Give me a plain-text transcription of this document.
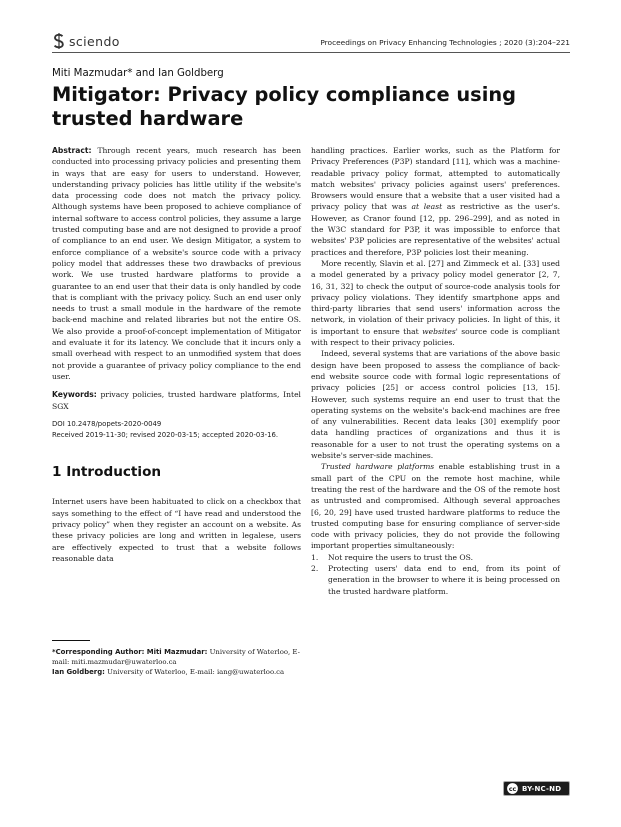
sciendo	Proceedings on Privacy Enhancing Technologies ; 2020 (3):204–221
Miti Mazmudar* and Ian Goldberg
Mitigator: Privacy policy compliance using trusted hardware

Abstract: Through recent years, much research has been conducted into processing privacy policies and presenting them in ways that are easy for users to understand. However, understanding privacy policies has little utility if the website's data processing code does not match the privacy policy. Although systems have been proposed to achieve compliance of internal software to access control policies, they assume a large trusted computing base and are not designed to provide a proof of compliance to an end user. We design Mitigator, a system to enforce compliance of a website's source code with a privacy policy model that addresses these two drawbacks of previous work. We use trusted hardware platforms to provide a guarantee to an end user that their data is only handled by code that is compliant with the privacy policy. Such an end user only needs to trust a small module in the hardware of the remote back-end machine and related libraries but not the entire OS. We also provide a proof-of-concept implementation of Mitigator and evaluate it for its latency. We conclude that it incurs only a small overhead with respect to an unmodified system that does not provide a guarantee of privacy policy compliance to the end user.

Keywords: privacy policies, trusted hardware platforms, Intel SGX

DOI 10.2478/popets-2020-0049
Received 2019-11-30; revised 2020-03-15; accepted 2020-03-16.
1 Introduction

Internet users have been habituated to click on a checkbox that says something to the effect of “I have read and understood the privacy policy” when they register an account on a website. As these privacy policies are long and written in legalese, users are effectively expected to trust that a website follows reasonable data

*Corresponding Author: Miti Mazmudar: University of Waterloo, E-mail: miti.mazmudar@uwaterloo.ca

Ian Goldberg: University of Waterloo, E-mail: iang@uwaterloo.ca

handling practices. Earlier works, such as the Platform for Privacy Preferences (P3P) standard [11], which was a machine-readable privacy policy format, attempted to automatically match websites' privacy policies against users' preferences. Browsers would ensure that a website that a user visited had a privacy policy that was at least as restrictive as the user's. However, as Cranor found [12, pp. 296–299], and as noted in the W3C standard for P3P, it was impossible to enforce that websites' P3P policies are representative of the websites' actual practices and therefore, P3P policies lost their meaning.

More recently, Slavin et al. [27] and Zimmeck et al. [33] used a model generated by a privacy policy model generator [2, 7, 16, 31, 32] to check the output of source-code analysis tools for privacy policy violations. They identify smartphone apps and third-party libraries that send users' information across the network, in violation of their privacy policies. In light of this, it is important to ensure that websites' source code is compliant with respect to their privacy policies.

Indeed, several systems that are variations of the above basic design have been proposed to assess the compliance of back-end website source code with formal logic representations of privacy policies [25] or access control policies [13, 15]. However, such systems require an end user to trust that the operating systems on the website's back-end machines are free of any vulnerabilities. Recent data leaks [30] exemplify poor data handling practices of organizations and thus it is reasonable for a user to not trust the operating systems on a website's server-side machines.

Trusted hardware platforms enable establishing trust in a small part of the CPU on the remote host machine, while treating the rest of the hardware and the OS of the remote host as untrusted and compromised. Although several approaches [6, 20, 29] have used trusted hardware platforms to reduce the trusted computing base for ensuring compliance of server-side code with privacy policies, they do not provide the following important properties simultaneously:

1. Not require the users to trust the OS.
2. Protecting users' data end to end, from its point of generation in the browser to where it is being processed on the trusted hardware platform.
cc BY-NC-ND
